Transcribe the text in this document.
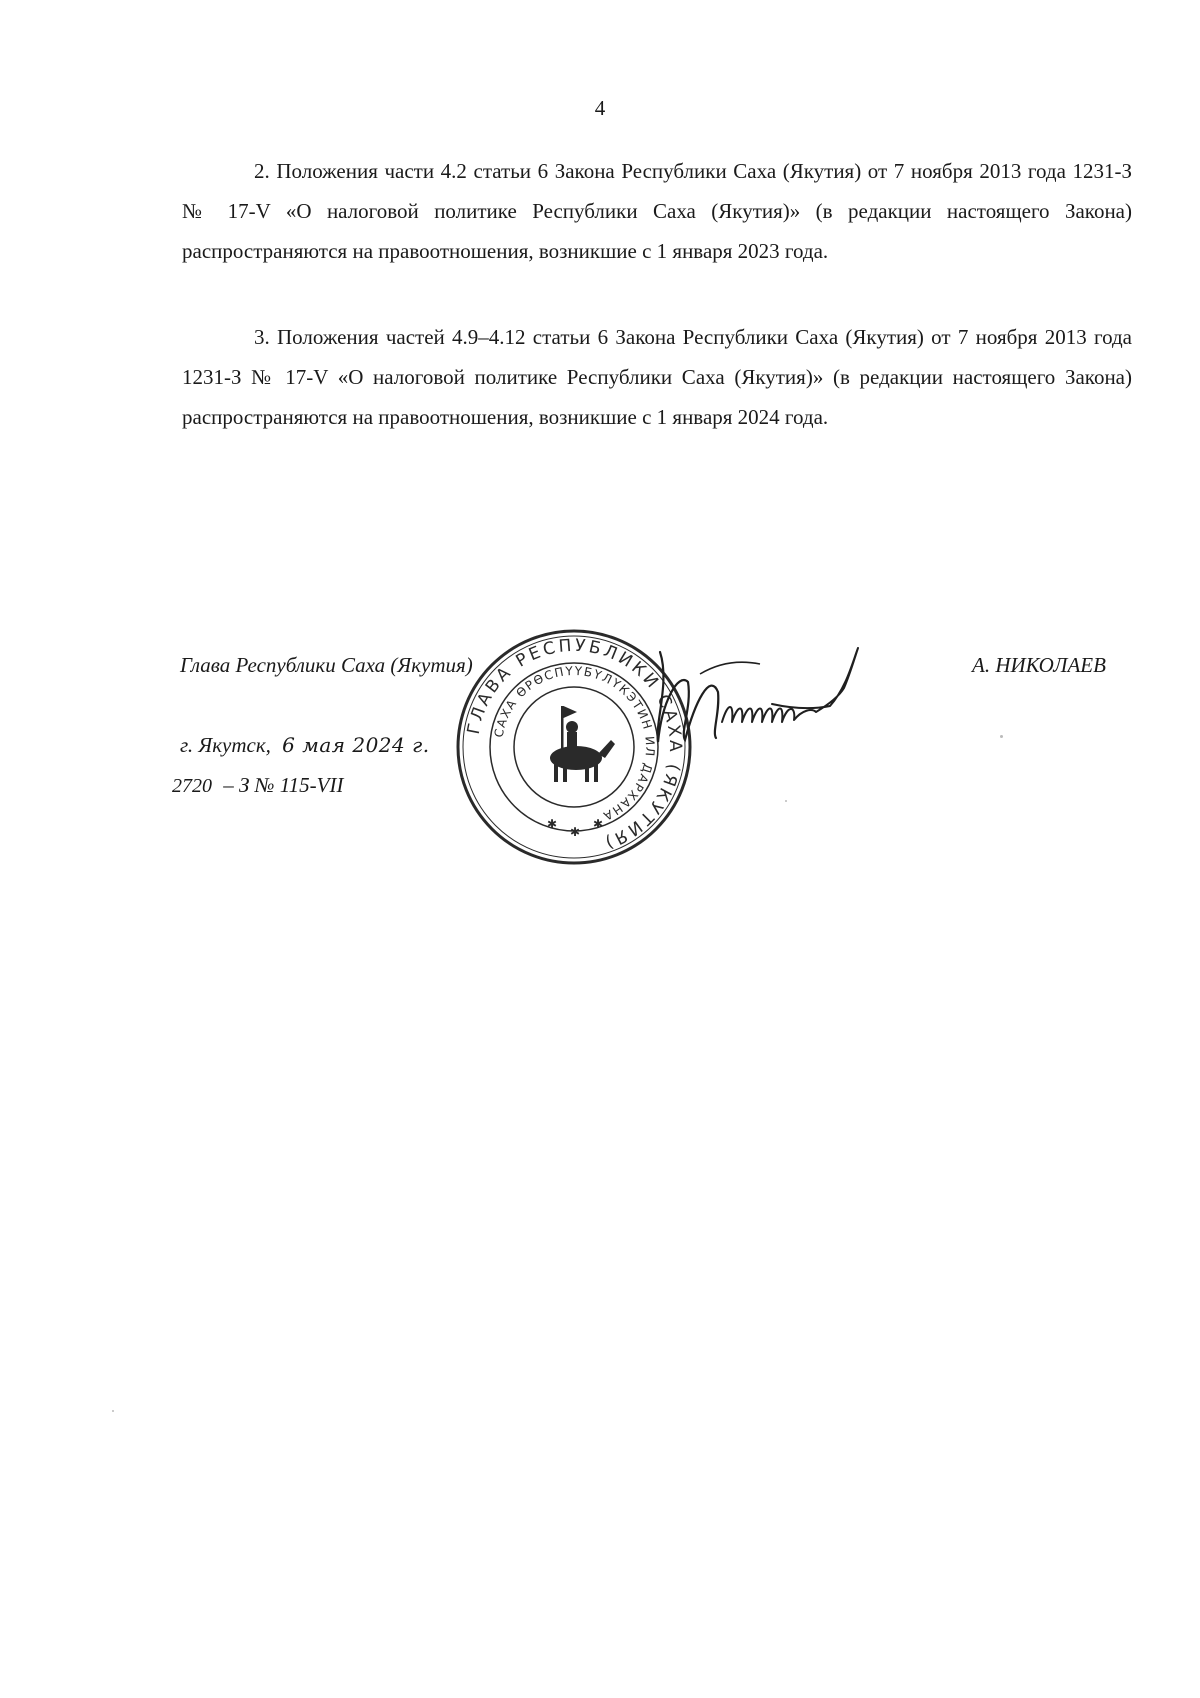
4

2. Положения части 4.2 статьи 6 Закона Республики Саха (Якутия) от 7 ноября 2013 года 1231-З № 17-V «О налоговой политике Республики Саха (Якутия)» (в редакции настоящего Закона) распространяются на правоотношения, возникшие с 1 января 2023 года.

3. Положения частей 4.9–4.12 статьи 6 Закона Республики Саха (Якутия) от 7 ноября 2013 года 1231-З № 17-V «О налоговой политике Республики Саха (Якутия)» (в редакции настоящего Закона) распространяются на правоотношения, возникшие с 1 января 2024 года.

Глава Республики Саха (Якутия)	А. НИКОЛАЕВ
г. Якутск, 6 мая 2024 г.
2720 – З № 115-VII
ГЛАВА РЕСПУБЛИКИ САХА (ЯКУТИЯ)
САХА ӨРӨСПҮҮБҮЛҮКЭТИН ИЛ ДАРХАНА
✱
✱
✱
